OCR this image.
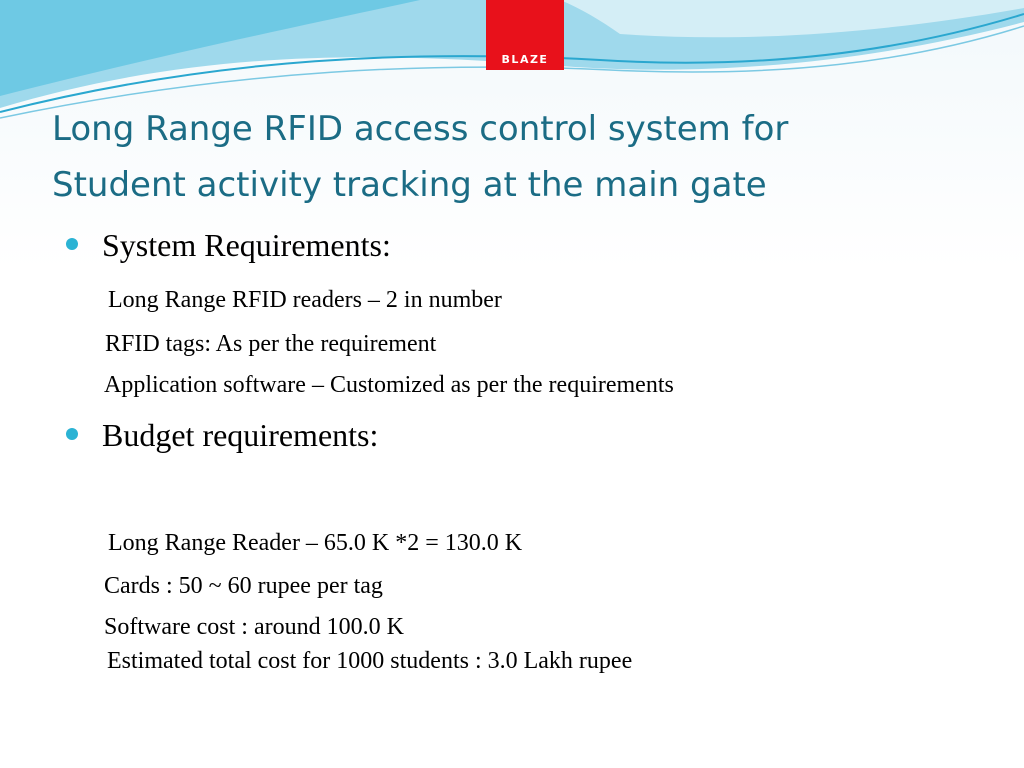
BLAZE
Long Range RFID access control system for
Student activity tracking at the main gate
System Requirements:
Long Range RFID readers – 2 in number
RFID tags: As per the requirement
Application software – Customized as per the requirements
Budget requirements:
Long Range Reader – 65.0 K *2 = 130.0 K
Cards : 50 ~ 60 rupee per tag
Software cost : around 100.0 K
Estimated total cost for 1000 students : 3.0 Lakh rupee
